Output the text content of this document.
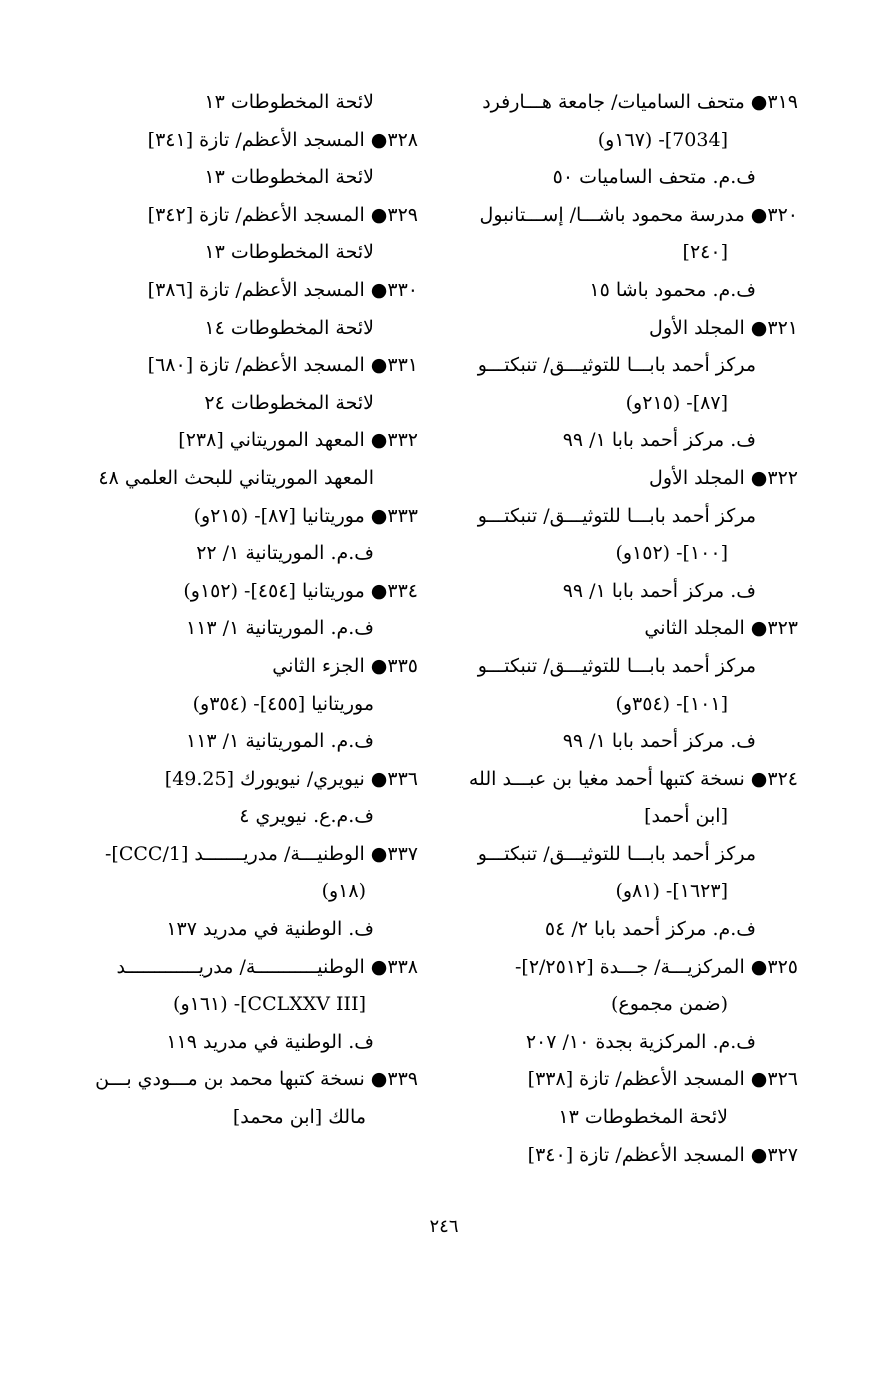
٣١٩● متحف الساميات/ جامعة هـــارفرد
[7034]- (١٦٧و)
ف.م. متحف الساميات ٥٠
٣٢٠● مدرسة محمود باشـــا/ إســـتانبول
[٢٤٠]
ف.م. محمود باشا ١٥
٣٢١● المجلد الأول
مركز أحمد بابـــا للتوثيـــق/ تنبكتـــو
[٨٧]- (٢١٥و)
ف. مركز أحمد بابا ١/ ٩٩
٣٢٢● المجلد الأول
مركز أحمد بابـــا للتوثيـــق/ تنبكتـــو
[١٠٠]- (١٥٢و)
ف. مركز أحمد بابا ١/ ٩٩
٣٢٣● المجلد الثاني
مركز أحمد بابـــا للتوثيـــق/ تنبكتـــو
[١٠١]- (٣٥٤و)
ف. مركز أحمد بابا ١/ ٩٩
٣٢٤● نسخة كتبها أحمد مغيا بن عبـــد الله
[ابن أحمد]
مركز أحمد بابـــا للتوثيـــق/ تنبكتـــو
[١٦٢٣]- (٨١و)
ف.م. مركز أحمد بابا ٢/ ٥٤
٣٢٥● المركزيـــة/ جـــدة [٢/٢٥١٢]-
(ضمن مجموع)
ف.م. المركزية بجدة ١٠/ ٢٠٧
٣٢٦● المسجد الأعظم/ تازة [٣٣٨]
لائحة المخطوطات ١٣
٣٢٧● المسجد الأعظم/ تازة [٣٤٠]
لائحة المخطوطات ١٣
٣٢٨● المسجد الأعظم/ تازة [٣٤١]
لائحة المخطوطات ١٣
٣٢٩● المسجد الأعظم/ تازة [٣٤٢]
لائحة المخطوطات ١٣
٣٣٠● المسجد الأعظم/ تازة [٣٨٦]
لائحة المخطوطات ١٤
٣٣١● المسجد الأعظم/ تازة [٦٨٠]
لائحة المخطوطات ٢٤
٣٣٢● المعهد الموريتاني [٢٣٨]
المعهد الموريتاني للبحث العلمي ٤٨
٣٣٣● موريتانيا [٨٧]- (٢١٥و)
ف.م. الموريتانية ١/ ٢٢
٣٣٤● موريتانيا [٤٥٤]- (١٥٢و)
ف.م. الموريتانية ١/ ١١٣
٣٣٥● الجزء الثاني
موريتانيا [٤٥٥]- (٣٥٤و)
ف.م. الموريتانية ١/ ١١٣
٣٣٦● نيويري/ نيويورك [49.25]
ف.م.ع. نيويري ٤
٣٣٧● الوطنيـــة/ مدريـــــــد [CCC/1]-
(١٨و)
ف. الوطنية في مدريد ١٣٧
٣٣٨● الوطنيـــــــــــة/ مدريـــــــــــــد
[CCLXXV III]- (١٦١و)
ف. الوطنية في مدريد ١١٩
٣٣٩● نسخة كتبها محمد بن مـــودي بـــن
مالك [ابن محمد]
٢٤٦
